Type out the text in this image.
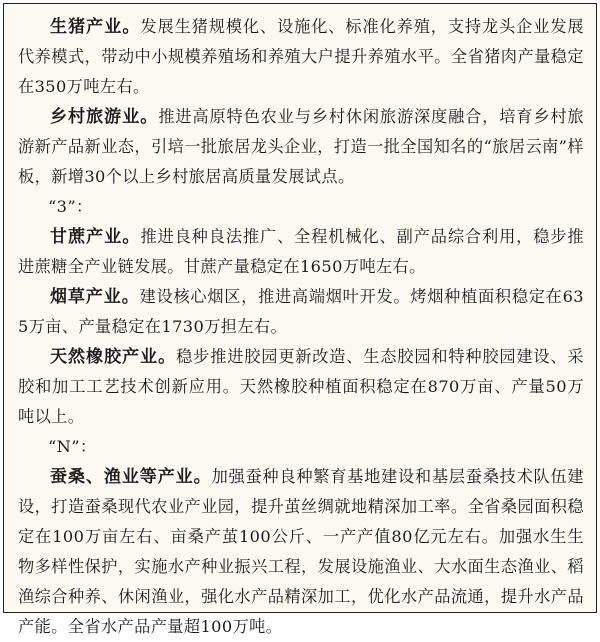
生猪产业。发展生猪规模化、设施化、标准化养殖，支持龙头企业发展代养模式，带动中小规模养殖场和养殖大户提升养殖水平。全省猪肉产量稳定在350万吨左右。

乡村旅游业。推进高原特色农业与乡村休闲旅游深度融合，培育乡村旅游新产品新业态，引培一批旅居龙头企业，打造一批全国知名的“旅居云南”样板，新增30个以上乡村旅居高质量发展试点。

“3”：

甘蔗产业。推进良种良法推广、全程机械化、副产品综合利用，稳步推进蔗糖全产业链发展。甘蔗产量稳定在1650万吨左右。

烟草产业。建设核心烟区，推进高端烟叶开发。烤烟种植面积稳定在635万亩、产量稳定在1730万担左右。

天然橡胶产业。稳步推进胶园更新改造、生态胶园和特种胶园建设、采胶和加工工艺技术创新应用。天然橡胶种植面积稳定在870万亩、产量50万吨以上。

“N”：

蚕桑、渔业等产业。加强蚕种良种繁育基地建设和基层蚕桑技术队伍建设，打造蚕桑现代农业产业园，提升茧丝绸就地精深加工率。全省桑园面积稳定在100万亩左右、亩桑产茧100公斤、一产产值80亿元左右。加强水生生物多样性保护，实施水产种业振兴工程，发展设施渔业、大水面生态渔业、稻渔综合种养、休闲渔业，强化水产品精深加工，优化水产品流通，提升水产品产能。全省水产品产量超100万吨。
